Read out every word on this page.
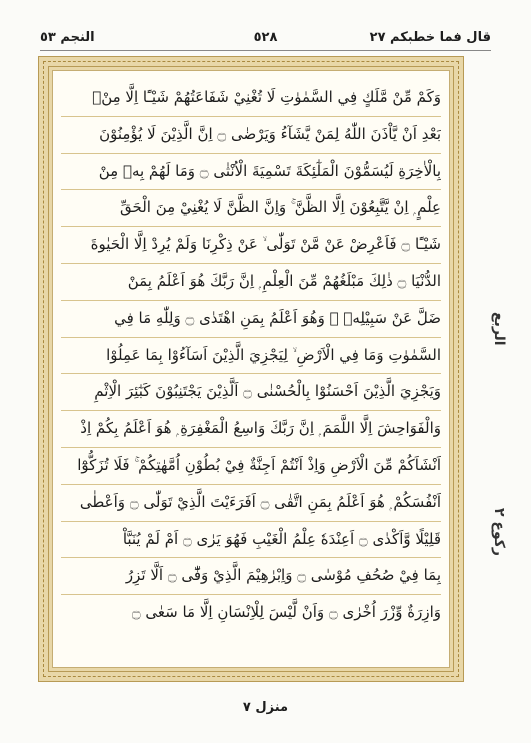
النجم ٥٣	٥٢٨	قال فما خطبكم ٢٧
وَكَمْ مِّنْ مَّلَكٍ فِي السَّمٰوٰتِ لَا تُغْنِيْ شَفَاعَتُهُمْ شَيْـًٔا اِلَّا مِنْۢ
بَعْدِ اَنْ يَّاْذَنَ اللّٰهُ لِمَنْ يَّشَآءُ وَيَرْضٰى ۝ اِنَّ الَّذِيْنَ لَا يُؤْمِنُوْنَ
بِالْاٰخِرَةِ لَيُسَمُّوْنَ الْمَلٰٓئِكَةَ تَسْمِيَةَ الْاُنْثٰى ۝ وَمَا لَهُمْ بِهٖ مِنْ
عِلْمٍ ۭ اِنْ يَّتَّبِعُوْنَ اِلَّا الظَّنَّ ۚ وَاِنَّ الظَّنَّ لَا يُغْنِيْ مِنَ الْحَقِّ
شَيْـًٔا ۝ فَاَعْرِضْ عَنْ مَّنْ تَوَلّٰى ۙ عَنْ ذِكْرِنَا وَلَمْ يُرِدْ اِلَّا الْحَيٰوةَ
الدُّنْيَا ۝ ذٰلِكَ مَبْلَغُهُمْ مِّنَ الْعِلْمِ ۭ اِنَّ رَبَّكَ هُوَ اَعْلَمُ بِمَنْ
ضَلَّ عَنْ سَبِيْلِهٖ ۙ وَهُوَ اَعْلَمُ بِمَنِ اهْتَدٰى ۝ وَلِلّٰهِ مَا فِي
السَّمٰوٰتِ وَمَا فِي الْاَرْضِ ۙ لِيَجْزِيَ الَّذِيْنَ اَسَآءُوْا بِمَا عَمِلُوْا
وَيَجْزِيَ الَّذِيْنَ اَحْسَنُوْا بِالْحُسْنٰى ۝ اَلَّذِيْنَ يَجْتَنِبُوْنَ كَبٰٓئِرَ الْاِثْمِ
وَالْفَوَاحِشَ اِلَّا اللَّمَمَ ۭ اِنَّ رَبَّكَ وَاسِعُ الْمَغْفِرَةِ ۭ هُوَ اَعْلَمُ بِكُمْ اِذْ
اَنْشَاَكُمْ مِّنَ الْاَرْضِ وَاِذْ اَنْتُمْ اَجِنَّةٌ فِيْ بُطُوْنِ اُمَّهٰتِكُمْ ۚ فَلَا تُزَكُّوْٓا
اَنْفُسَكُمْ ۭ هُوَ اَعْلَمُ بِمَنِ اتَّقٰى ۝ اَفَرَءَيْتَ الَّذِيْ تَوَلّٰى ۝ وَاَعْطٰى
قَلِيْلًا وَّاَكْدٰى ۝ اَعِنْدَهٗ عِلْمُ الْغَيْبِ فَهُوَ يَرٰى ۝ اَمْ لَمْ يُنَبَّاْ
بِمَا فِيْ صُحُفِ مُوْسٰى ۝ وَاِبْرٰهِيْمَ الَّذِيْ وَفّٰٓى ۝ اَلَّا تَزِرُ
وَازِرَةٌ وِّزْرَ اُخْرٰى ۝ وَاَنْ لَّيْسَ لِلْاِنْسَانِ اِلَّا مَا سَعٰى ۝
الربع
ركوع ٢
منزل ٧
